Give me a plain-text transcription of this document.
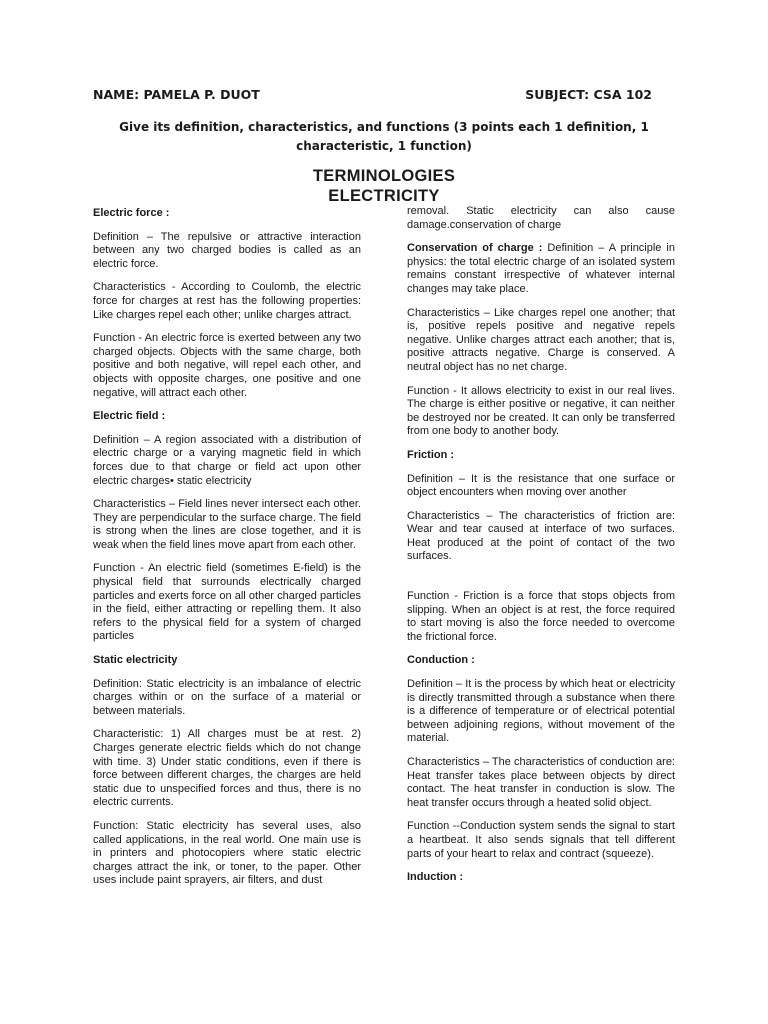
NAME: PAMELA P. DUOT	SUBJECT: CSA 102
Give its definition, characteristics, and functions (3 points each 1 definition, 1 characteristic, 1 function)
TERMINOLOGIES
ELECTRICITY

Electric force :

Definition – The repulsive or attractive interaction between any two charged bodies is called as an electric force.

Characteristics - According to Coulomb, the electric force for charges at rest has the following properties: Like charges repel each other; unlike charges attract.

Function - An electric force is exerted between any two charged objects. Objects with the same charge, both positive and both negative, will repel each other, and objects with opposite charges, one positive and one negative, will attract each other.

Electric field :

Definition – A region associated with a distribution of electric charge or a varying magnetic field in which forces due to that charge or field act upon other electric charges• static electricity

Characteristics – Field lines never intersect each other. They are perpendicular to the surface charge. The field is strong when the lines are close together, and it is weak when the field lines move apart from each other.

Function - An electric field (sometimes E-field) is the physical field that surrounds electrically charged particles and exerts force on all other charged particles in the field, either attracting or repelling them. It also refers to the physical field for a system of charged particles

Static electricity

Definition: Static electricity is an imbalance of electric charges within or on the surface of a material or between materials.

Characteristic: 1) All charges must be at rest. 2) Charges generate electric fields which do not change with time. 3) Under static conditions, even if there is force between different charges, the charges are held static due to unspecified forces and thus, there is no electric currents.

Function: Static electricity has several uses, also called applications, in the real world. One main use is in printers and photocopiers where static electric charges attract the ink, or toner, to the paper. Other uses include paint sprayers, air filters, and dust

removal. Static electricity can also cause damage.conservation of charge

Conservation of charge : Definition – A principle in physics: the total electric charge of an isolated system remains constant irrespective of whatever internal changes may take place.

Characteristics – Like charges repel one another; that is, positive repels positive and negative repels negative. Unlike charges attract each another; that is, positive attracts negative. Charge is conserved. A neutral object has no net charge.

Function - It allows electricity to exist in our real lives. The charge is either positive or negative, it can neither be destroyed nor be created. It can only be transferred from one body to another body.

Friction :

Definition – It is the resistance that one surface or object encounters when moving over another

Characteristics – The characteristics of friction are: Wear and tear caused at interface of two surfaces. Heat produced at the point of contact of the two surfaces.

Function - Friction is a force that stops objects from slipping. When an object is at rest, the force required to start moving is also the force needed to overcome the frictional force.

Conduction :

Definition – It is the process by which heat or electricity is directly transmitted through a substance when there is a difference of temperature or of electrical potential between adjoining regions, without movement of the material.

Characteristics – The characteristics of conduction are: Heat transfer takes place between objects by direct contact. The heat transfer in conduction is slow. The heat transfer occurs through a heated solid object.

Function --Conduction system sends the signal to start a heartbeat. It also sends signals that tell different parts of your heart to relax and contract (squeeze).

Induction :
